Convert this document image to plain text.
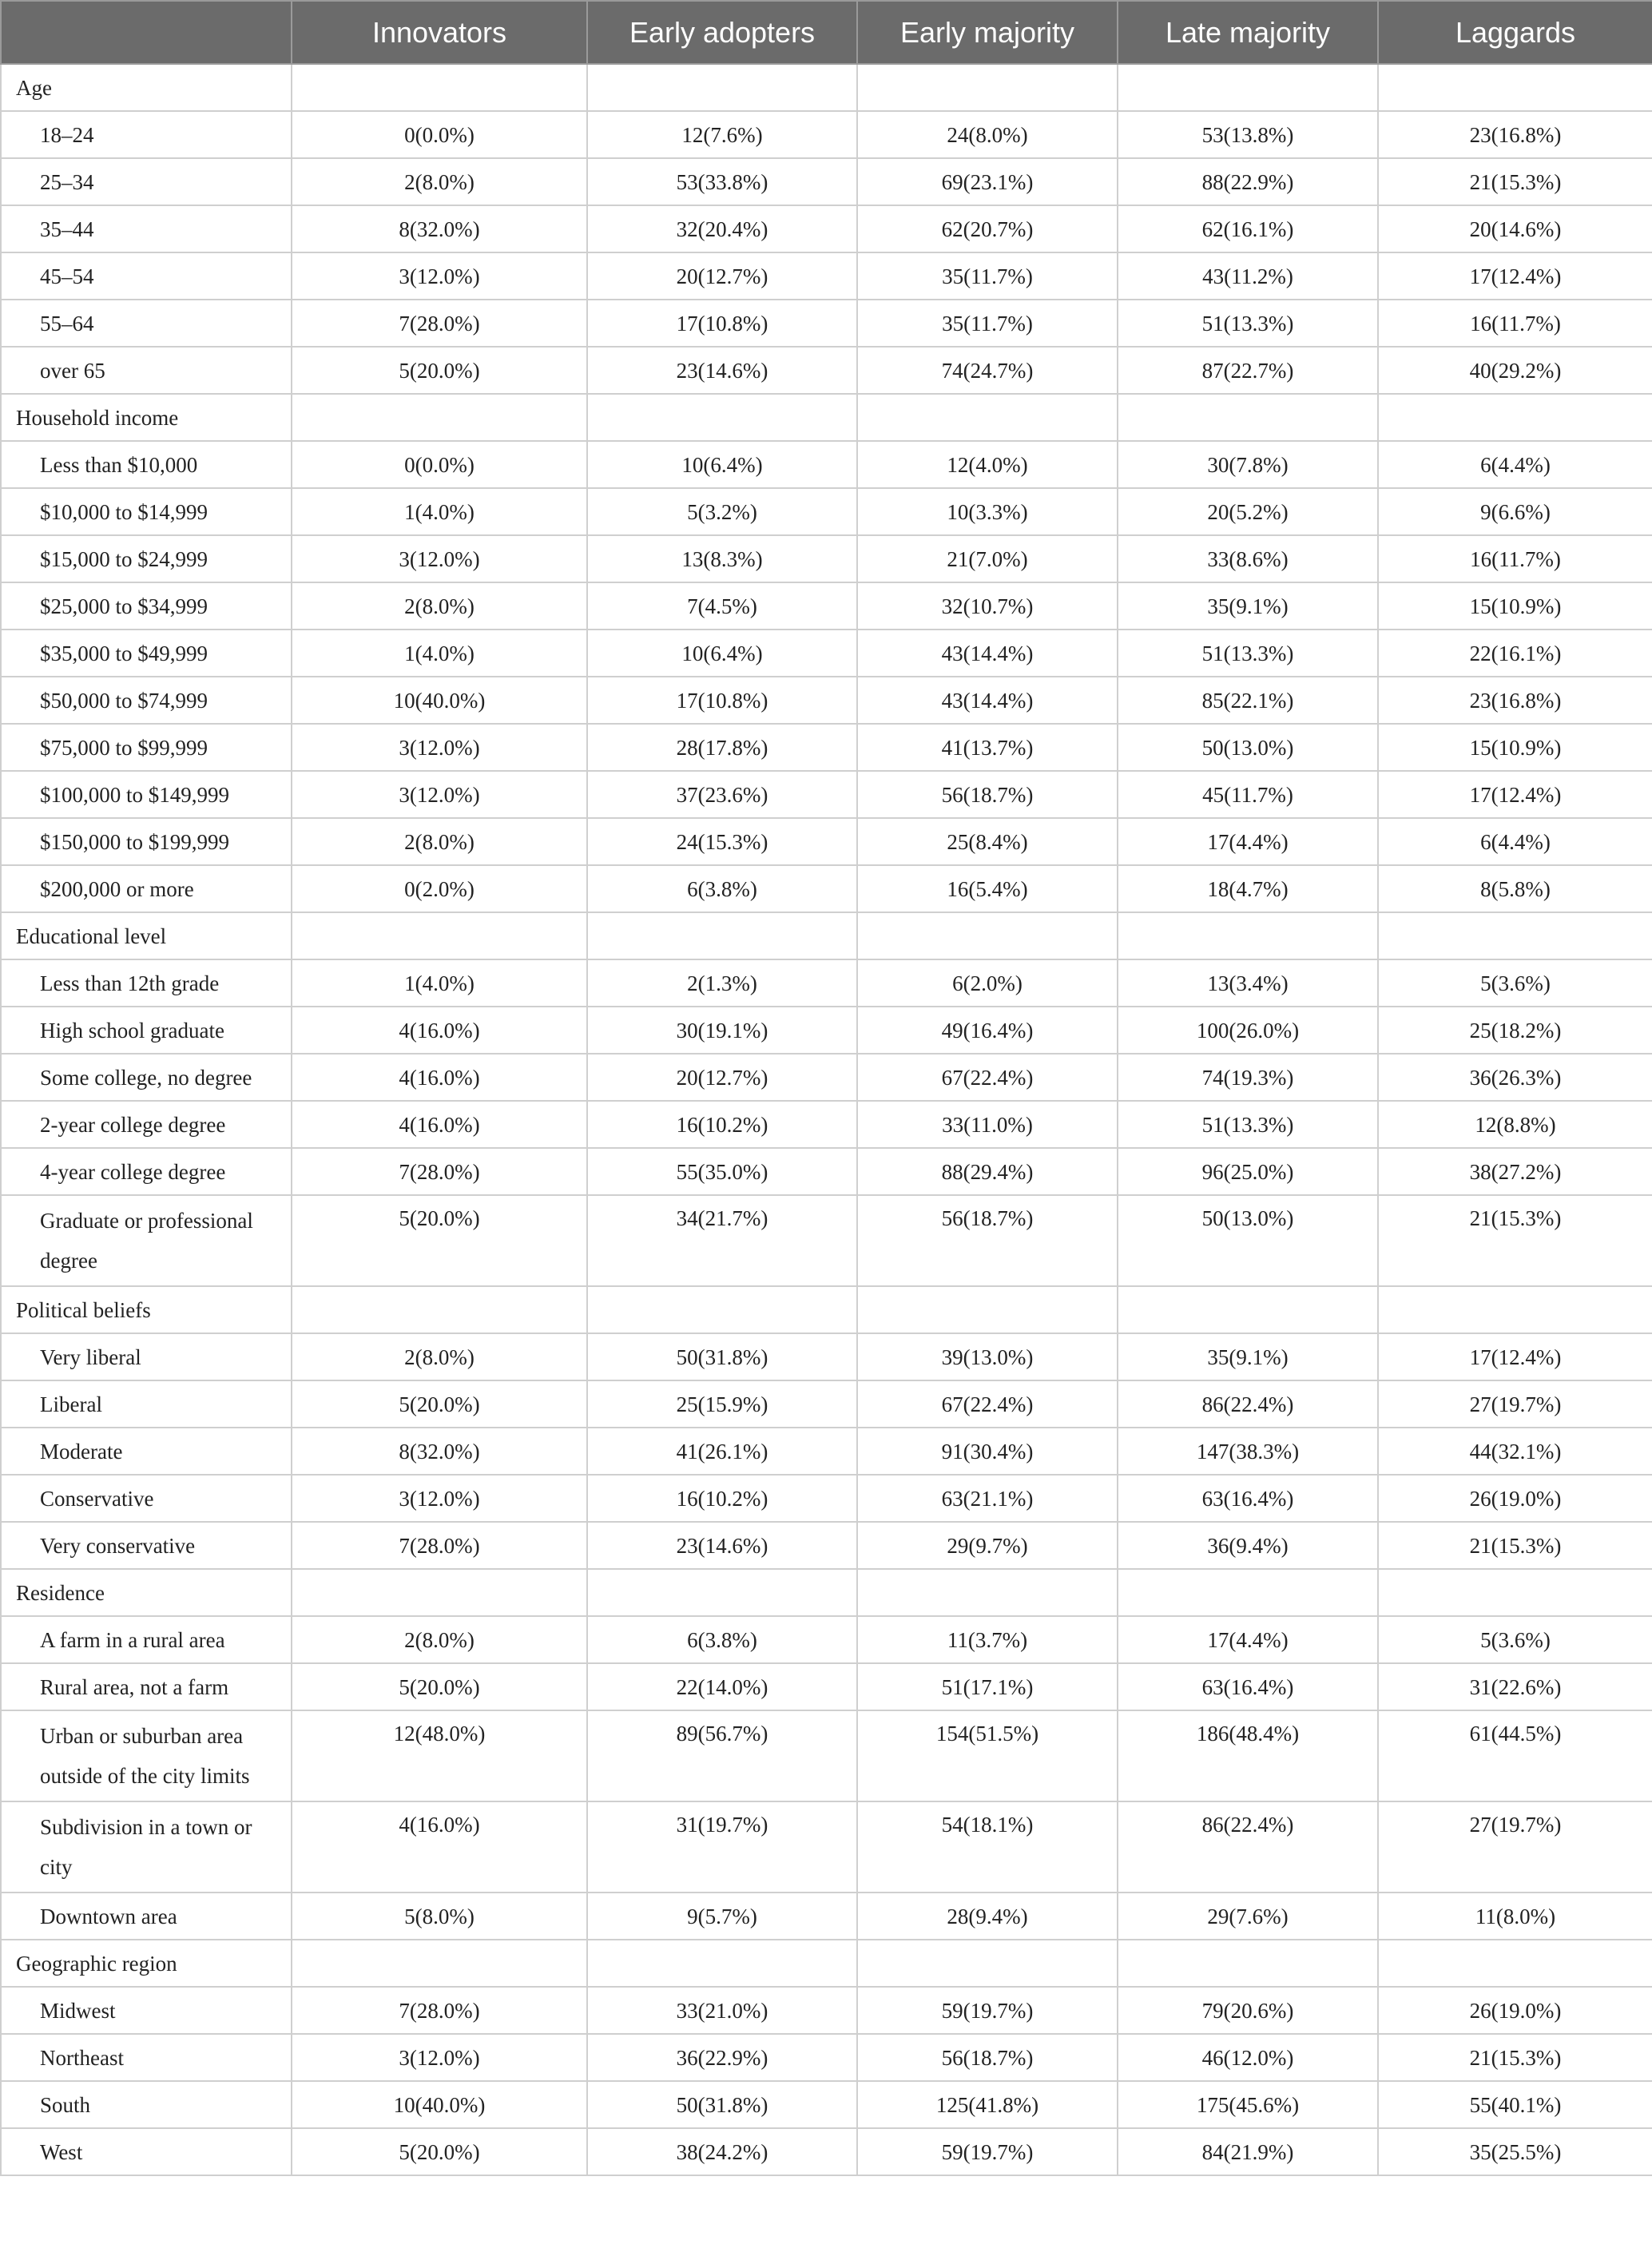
	Innovators	Early adopters	Early majority	Late majority	Laggards
Age					
18–24	0(0.0%)	12(7.6%)	24(8.0%)	53(13.8%)	23(16.8%)
25–34	2(8.0%)	53(33.8%)	69(23.1%)	88(22.9%)	21(15.3%)
35–44	8(32.0%)	32(20.4%)	62(20.7%)	62(16.1%)	20(14.6%)
45–54	3(12.0%)	20(12.7%)	35(11.7%)	43(11.2%)	17(12.4%)
55–64	7(28.0%)	17(10.8%)	35(11.7%)	51(13.3%)	16(11.7%)
over 65	5(20.0%)	23(14.6%)	74(24.7%)	87(22.7%)	40(29.2%)
Household income					
Less than $10,000	0(0.0%)	10(6.4%)	12(4.0%)	30(7.8%)	6(4.4%)
$10,000 to $14,999	1(4.0%)	5(3.2%)	10(3.3%)	20(5.2%)	9(6.6%)
$15,000 to $24,999	3(12.0%)	13(8.3%)	21(7.0%)	33(8.6%)	16(11.7%)
$25,000 to $34,999	2(8.0%)	7(4.5%)	32(10.7%)	35(9.1%)	15(10.9%)
$35,000 to $49,999	1(4.0%)	10(6.4%)	43(14.4%)	51(13.3%)	22(16.1%)
$50,000 to $74,999	10(40.0%)	17(10.8%)	43(14.4%)	85(22.1%)	23(16.8%)
$75,000 to $99,999	3(12.0%)	28(17.8%)	41(13.7%)	50(13.0%)	15(10.9%)
$100,000 to $149,999	3(12.0%)	37(23.6%)	56(18.7%)	45(11.7%)	17(12.4%)
$150,000 to $199,999	2(8.0%)	24(15.3%)	25(8.4%)	17(4.4%)	6(4.4%)
$200,000 or more	0(2.0%)	6(3.8%)	16(5.4%)	18(4.7%)	8(5.8%)
Educational level					
Less than 12th grade	1(4.0%)	2(1.3%)	6(2.0%)	13(3.4%)	5(3.6%)
High school graduate	4(16.0%)	30(19.1%)	49(16.4%)	100(26.0%)	25(18.2%)
Some college, no degree	4(16.0%)	20(12.7%)	67(22.4%)	74(19.3%)	36(26.3%)
2-year college degree	4(16.0%)	16(10.2%)	33(11.0%)	51(13.3%)	12(8.8%)
4-year college degree	7(28.0%)	55(35.0%)	88(29.4%)	96(25.0%)	38(27.2%)
Graduate or professional degree	5(20.0%)	34(21.7%)	56(18.7%)	50(13.0%)	21(15.3%)
Political beliefs					
Very liberal	2(8.0%)	50(31.8%)	39(13.0%)	35(9.1%)	17(12.4%)
Liberal	5(20.0%)	25(15.9%)	67(22.4%)	86(22.4%)	27(19.7%)
Moderate	8(32.0%)	41(26.1%)	91(30.4%)	147(38.3%)	44(32.1%)
Conservative	3(12.0%)	16(10.2%)	63(21.1%)	63(16.4%)	26(19.0%)
Very conservative	7(28.0%)	23(14.6%)	29(9.7%)	36(9.4%)	21(15.3%)
Residence					
A farm in a rural area	2(8.0%)	6(3.8%)	11(3.7%)	17(4.4%)	5(3.6%)
Rural area, not a farm	5(20.0%)	22(14.0%)	51(17.1%)	63(16.4%)	31(22.6%)
Urban or suburban area outside of the city limits	12(48.0%)	89(56.7%)	154(51.5%)	186(48.4%)	61(44.5%)
Subdivision in a town or city	4(16.0%)	31(19.7%)	54(18.1%)	86(22.4%)	27(19.7%)
Downtown area	5(8.0%)	9(5.7%)	28(9.4%)	29(7.6%)	11(8.0%)
Geographic region					
Midwest	7(28.0%)	33(21.0%)	59(19.7%)	79(20.6%)	26(19.0%)
Northeast	3(12.0%)	36(22.9%)	56(18.7%)	46(12.0%)	21(15.3%)
South	10(40.0%)	50(31.8%)	125(41.8%)	175(45.6%)	55(40.1%)
West	5(20.0%)	38(24.2%)	59(19.7%)	84(21.9%)	35(25.5%)
